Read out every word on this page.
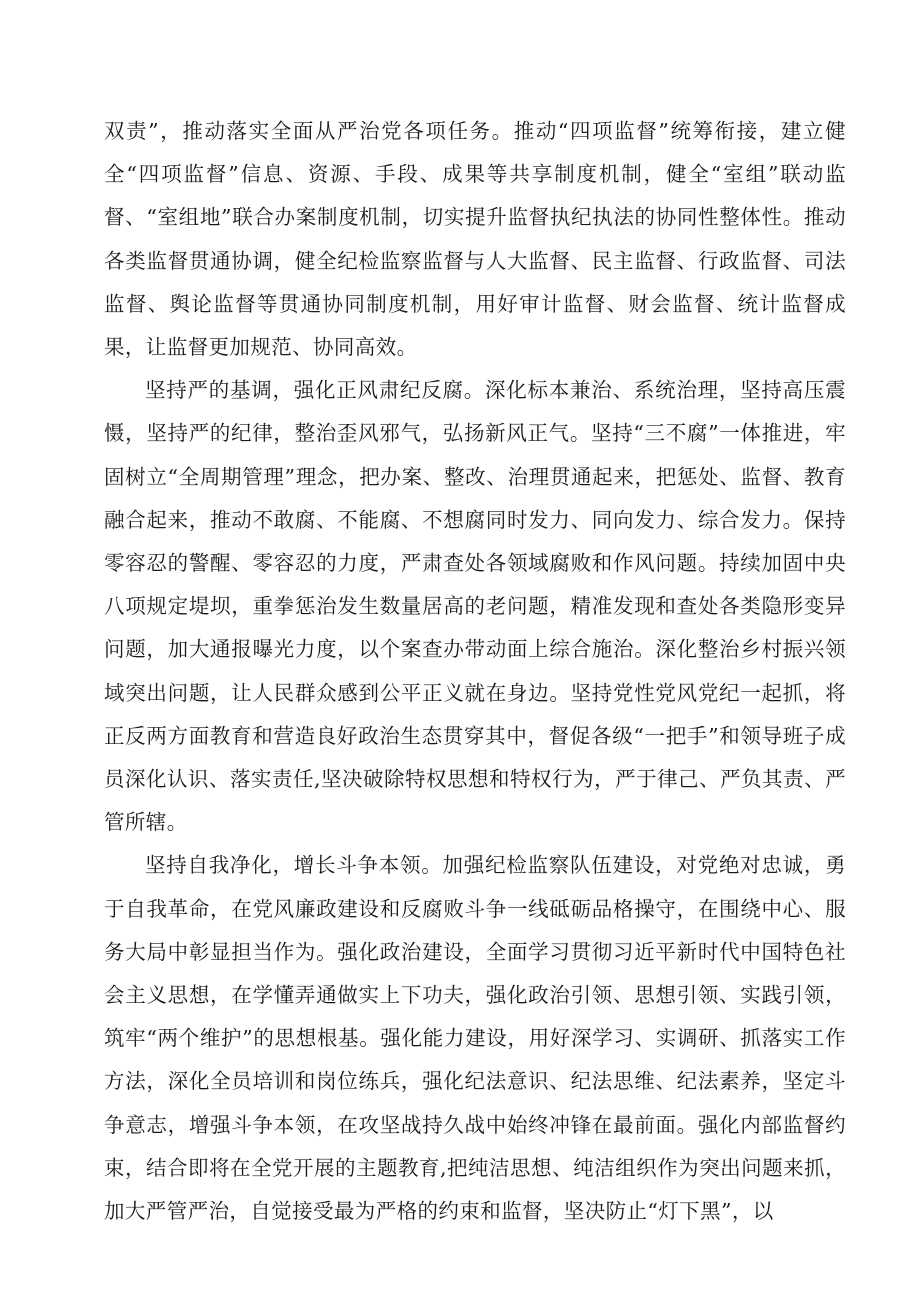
双责”，推动落实全面从严治党各项任务。推动“四项监督”统筹衔接，建立健全“四项监督”信息、资源、手段、成果等共享制度机制，健全“室组”联动监督、“室组地”联合办案制度机制，切实提升监督执纪执法的协同性整体性。推动各类监督贯通协调，健全纪检监察监督与人大监督、民主监督、行政监督、司法监督、舆论监督等贯通协同制度机制，用好审计监督、财会监督、统计监督成果，让监督更加规范、协同高效。

坚持严的基调，强化正风肃纪反腐。深化标本兼治、系统治理，坚持高压震慑，坚持严的纪律，整治歪风邪气，弘扬新风正气。坚持“三不腐”一体推进，牢固树立“全周期管理”理念，把办案、整改、治理贯通起来，把惩处、监督、教育融合起来，推动不敢腐、不能腐、不想腐同时发力、同向发力、综合发力。保持零容忍的警醒、零容忍的力度，严肃查处各领域腐败和作风问题。持续加固中央八项规定堤坝，重拳惩治发生数量居高的老问题，精准发现和查处各类隐形变异问题，加大通报曝光力度，以个案查办带动面上综合施治。深化整治乡村振兴领域突出问题，让人民群众感到公平正义就在身边。坚持党性党风党纪一起抓，将正反两方面教育和营造良好政治生态贯穿其中，督促各级“一把手”和领导班子成员深化认识、落实责任,坚决破除特权思想和特权行为，严于律己、严负其责、严管所辖。

坚持自我净化，增长斗争本领。加强纪检监察队伍建设，对党绝对忠诚，勇于自我革命，在党风廉政建设和反腐败斗争一线砥砺品格操守，在围绕中心、服务大局中彰显担当作为。强化政治建设，全面学习贯彻习近平新时代中国特色社会主义思想，在学懂弄通做实上下功夫，强化政治引领、思想引领、实践引领，筑牢“两个维护”的思想根基。强化能力建设，用好深学习、实调研、抓落实工作方法，深化全员培训和岗位练兵，强化纪法意识、纪法思维、纪法素养，坚定斗争意志，增强斗争本领，在攻坚战持久战中始终冲锋在最前面。强化内部监督约束，结合即将在全党开展的主题教育,把纯洁思想、纯洁组织作为突出问题来抓，加大严管严治，自觉接受最为严格的约束和监督，坚决防止“灯下黑”，以
